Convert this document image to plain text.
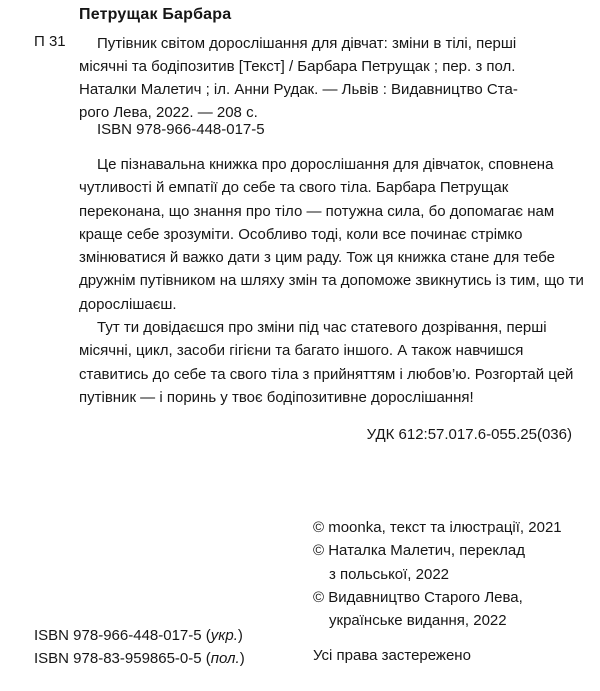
Петрущак Барбара
П 31	Путівник світом дорослішання для дівчат: зміни в тілі, перші
місячні та бодіпозитив [Текст] / Барбара Петрущак ; пер. з пол.
Наталки Малетич ; іл. Анни Рудак. — Львів : Видавництво Ста-
рого Лева, 2022. — 208 с.
ISBN 978-966-448-017-5

Це пізнавальна книжка про дорослішання для дівчаток, сповнена чутливості й емпатії до себе та свого тіла. Барбара Петрущак переконана, що знання про тіло — потужна сила, бо допомагає нам краще себе зрозуміти. Особливо тоді, коли все починає стрімко змінюватися й важко дати з цим раду. Тож ця книжка стане для тебе дружнім путівником на шляху змін та допоможе звикнутись із тим, що ти дорослішаєш.

Тут ти довідаєшся про зміни під час статевого дозрівання, перші місячні, цикл, засоби гігієни та багато іншого. А також навчишся ставитись до себе та свого тіла з прийняттям і любов’ю. Розгортай цей путівник — і поринь у твоє бодіпозитивне дорослішання!

УДК 612:57.017.6-055.25(036)
© moonka, текст та ілюстрації, 2021
© Наталка Малетич, переклад
з польської, 2022
© Видавництво Старого Лева,
українське видання, 2022
ISBN 978-966-448-017-5 (укр.)
ISBN 978-83-959865-0-5 (пол.)	Усі права застережено
